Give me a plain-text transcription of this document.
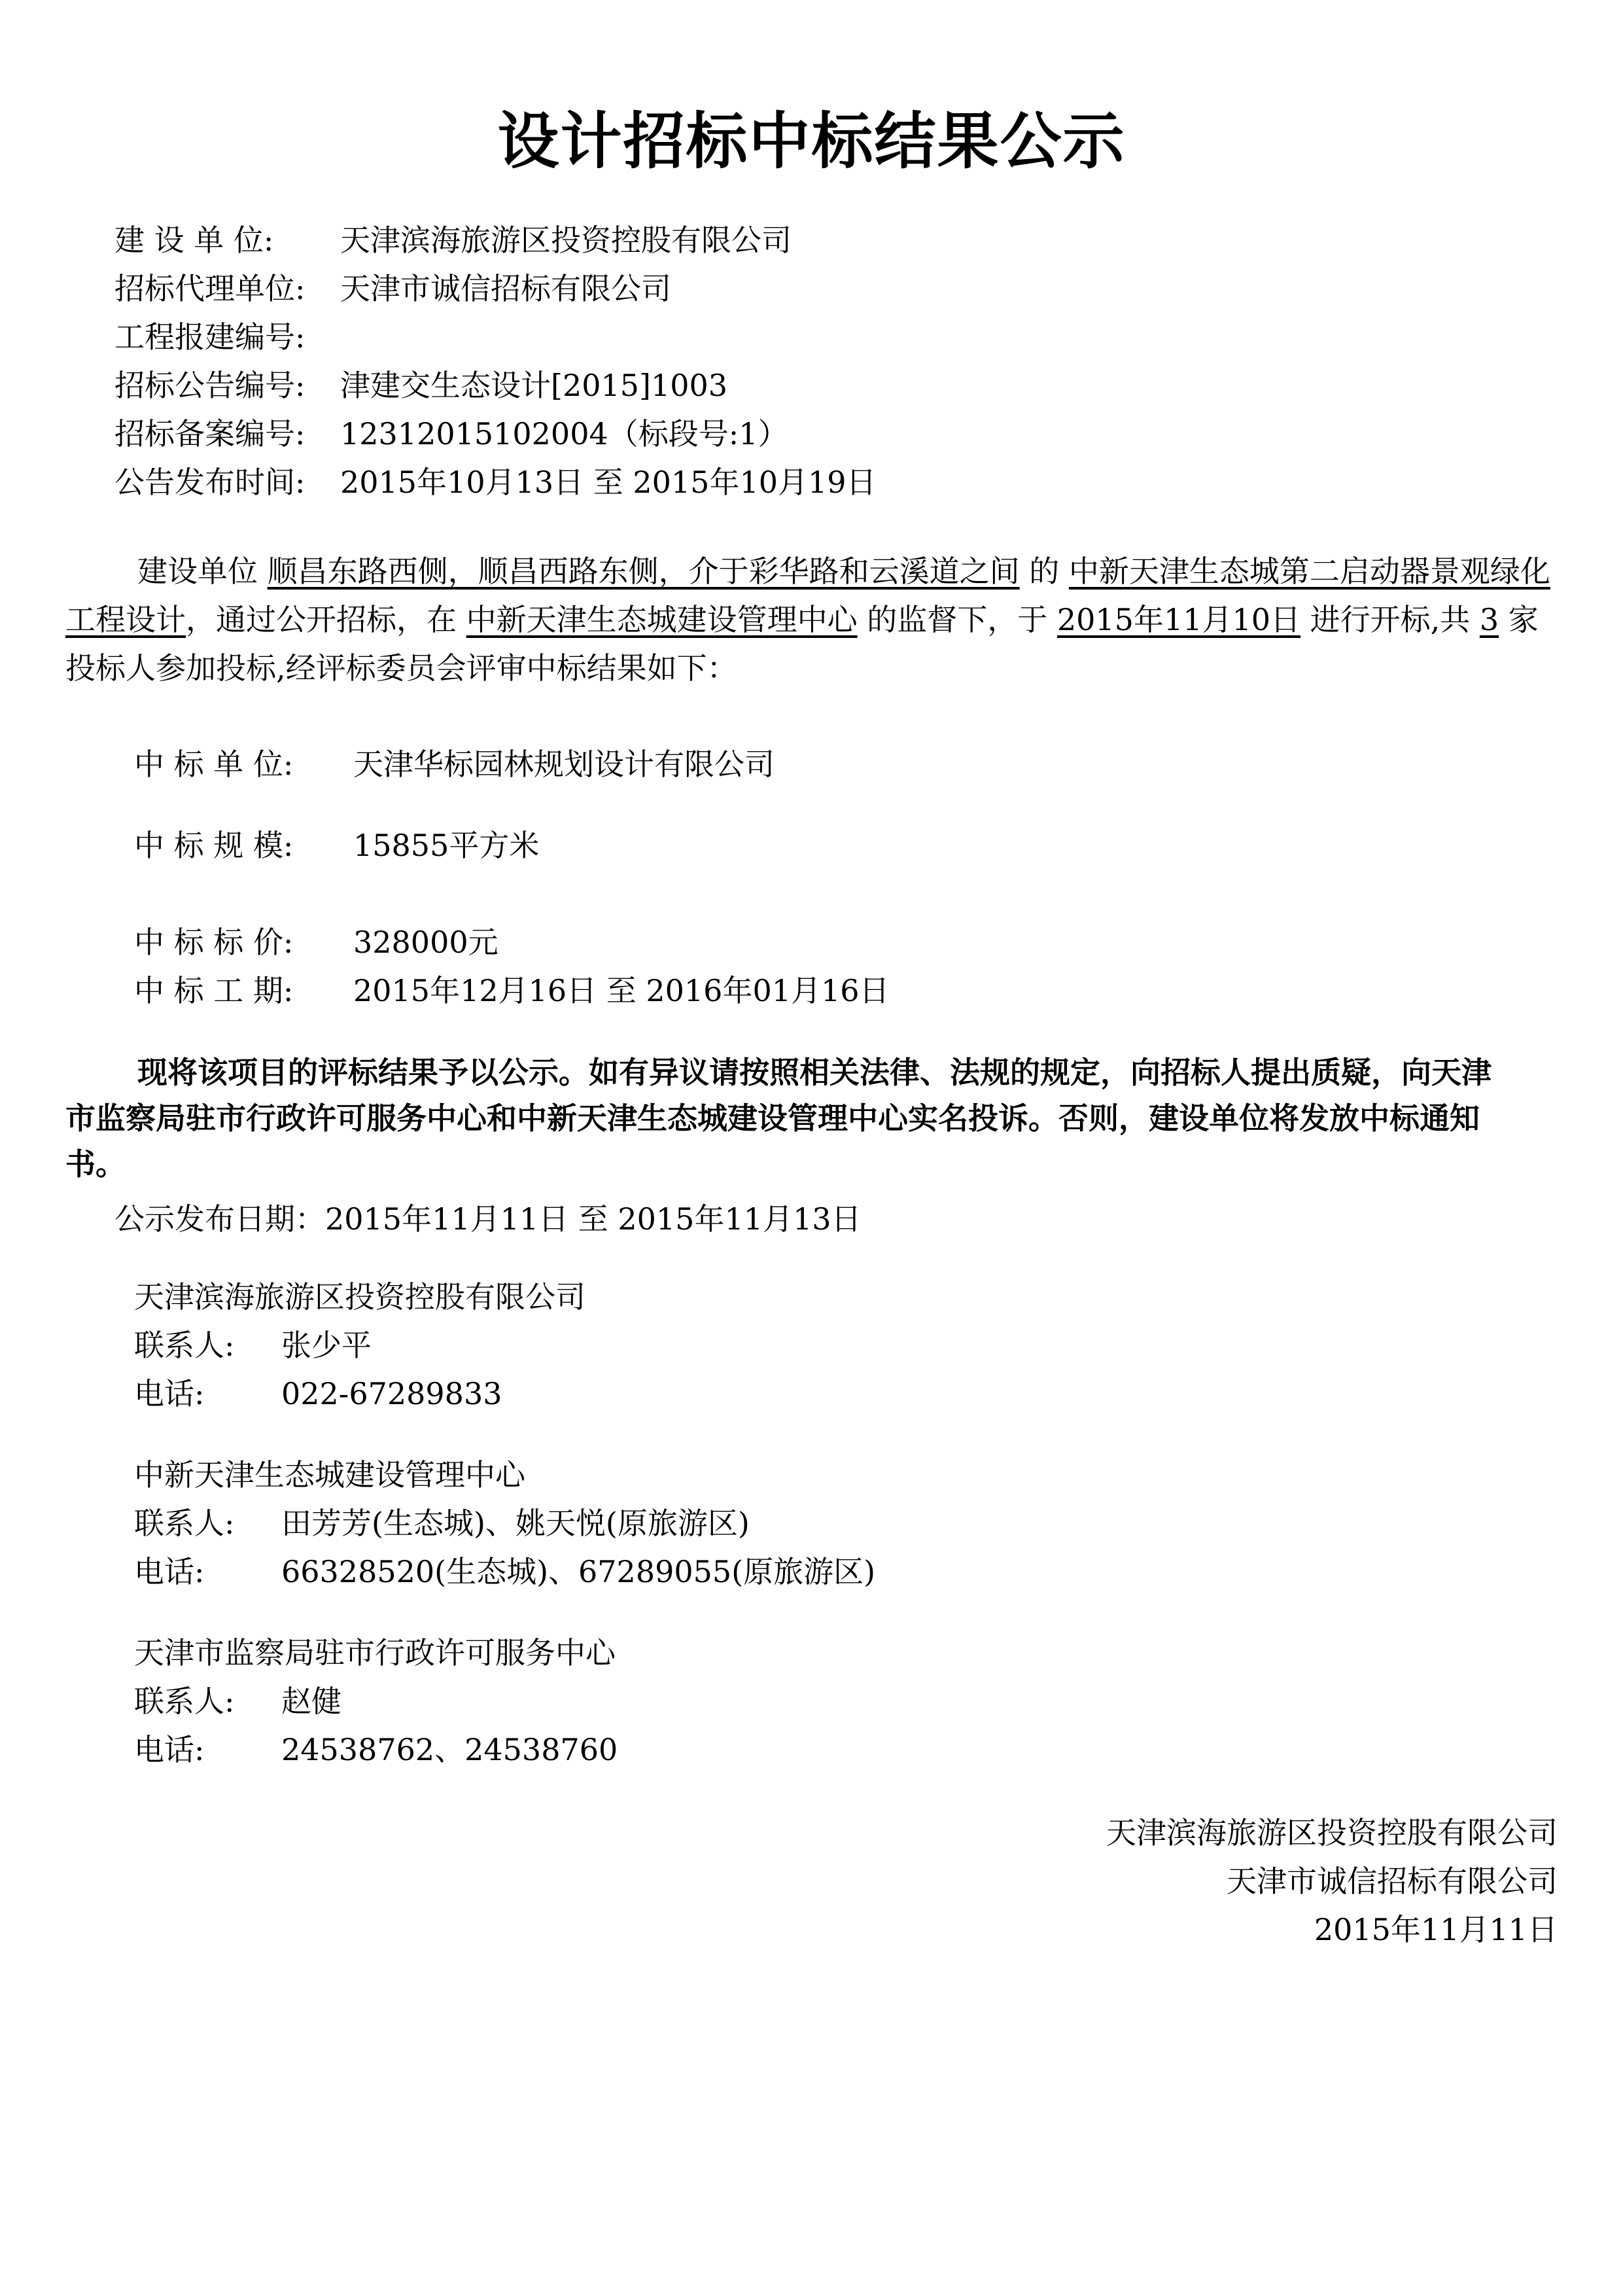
设计招标中标结果公示
建 设 单 位: 天津滨海旅游区投资控股有限公司
招标代理单位: 天津市诚信招标有限公司
工程报建编号:
招标公告编号: 津建交生态设计[2015]1003
招标备案编号: 12312015102004（标段号:1）
公告发布时间: 2015年10月13日 至 2015年10月19日
建设单位 顺昌东路西侧，顺昌西路东侧，介于彩华路和云溪道之间 的 中新天津生态城第二启动器景观绿化工程设计，通过公开招标，在 中新天津生态城建设管理中心 的监督下，于 2015年11月10日 进行开标,共 3 家投标人参加投标,经评标委员会评审中标结果如下：
中 标 单 位: 天津华标园林规划设计有限公司
中 标 规 模: 15855平方米
中 标 标 价: 328000元
中 标 工 期: 2015年12月16日 至 2016年01月16日
现将该项目的评标结果予以公示。如有异议请按照相关法律、法规的规定，向招标人提出质疑，向天津市监察局驻市行政许可服务中心和中新天津生态城建设管理中心实名投诉。否则，建设单位将发放中标通知书。
公示发布日期：2015年11月11日 至 2015年11月13日
天津滨海旅游区投资控股有限公司
联系人: 张少平
电话:	022-67289833
中新天津生态城建设管理中心
联系人: 田芳芳(生态城)、姚天悦(原旅游区)
电话:	66328520(生态城)、67289055(原旅游区)
天津市监察局驻市行政许可服务中心
联系人: 赵健
电话:	24538762、24538760
天津滨海旅游区投资控股有限公司
天津市诚信招标有限公司
2015年11月11日
